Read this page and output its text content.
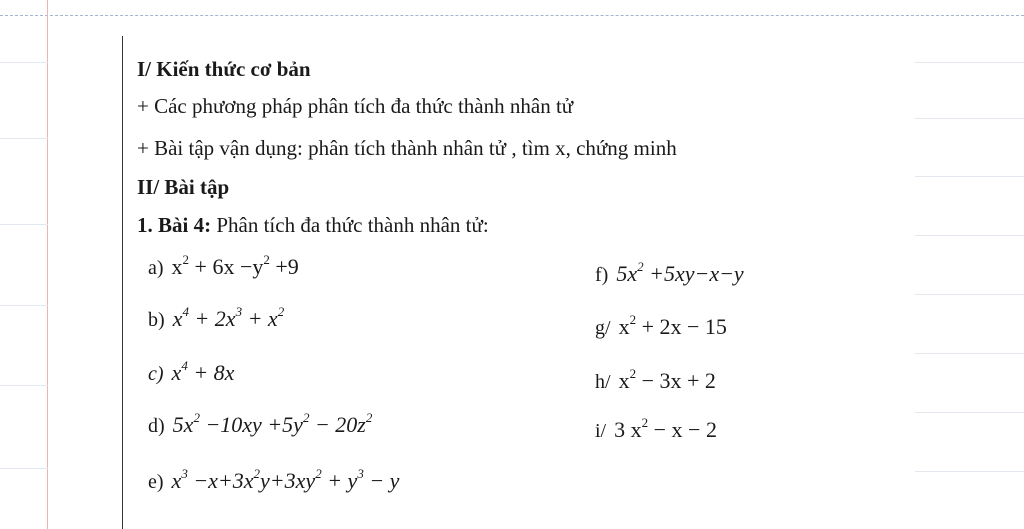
I/ Kiến thức cơ bản
+ Các phương pháp phân tích đa thức thành nhân tử
+ Bài tập vận dụng: phân tích thành nhân tử , tìm x, chứng minh
II/ Bài tập
1. Bài 4: Phân tích đa thức thành nhân tử:
a) $x^2 + 6x -y^2 +9$
b) $x^4 + 2x^3 + x^2$
c) $x^4 + 8x$
d) $5x^2 -10xy +5y^2 - 20z^2$
e) $x^3 -x+3x^2y+3xy^2 + y^3 - y$
f) $5x^2 +5xy-x-y$
g/ $x^2 + 2x - 15$
h/ $x^2 - 3x + 2$
i/ 3 $x^2 - x - 2$
